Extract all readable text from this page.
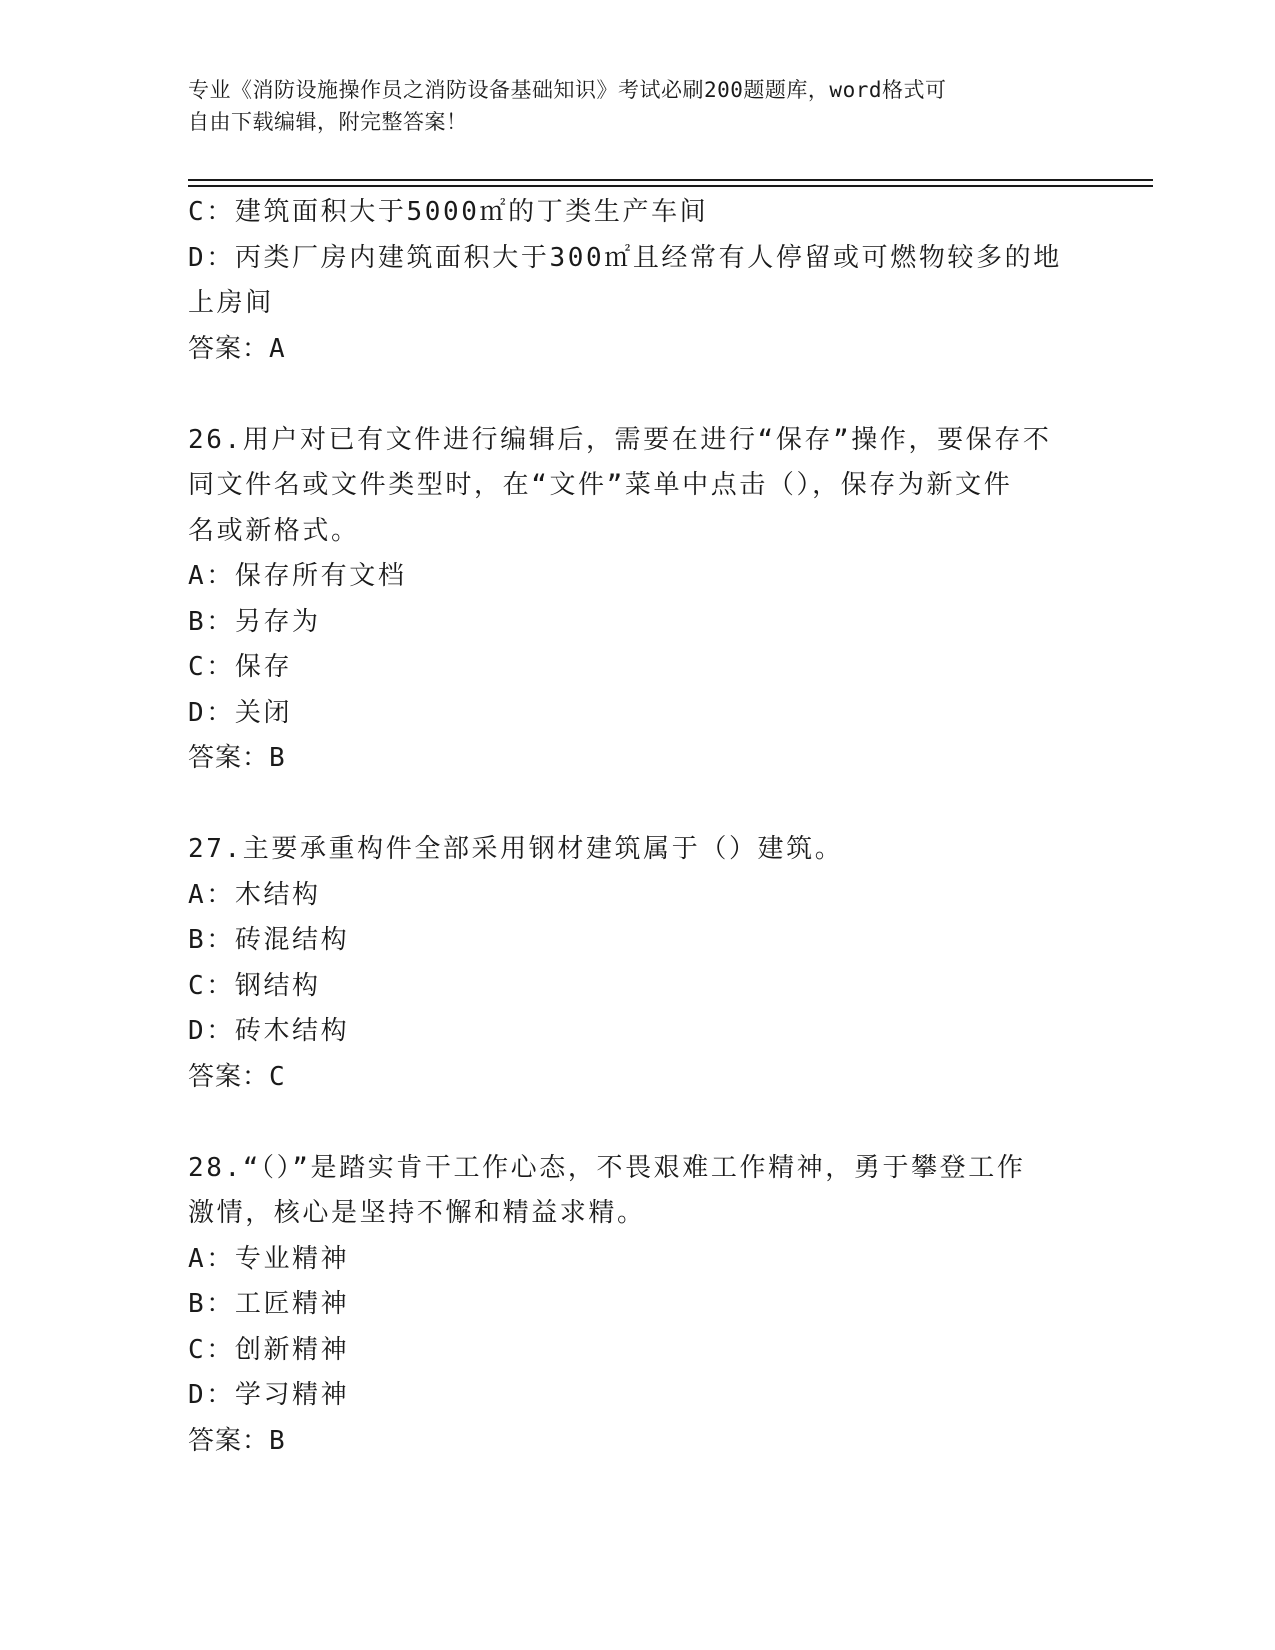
专业《消防设施操作员之消防设备基础知识》考试必刷200题题库，word格式可
自由下载编辑，附完整答案！
C：建筑面积大于5000㎡的丁类生产车间
D：丙类厂房内建筑面积大于300㎡且经常有人停留或可燃物较多的地
上房间
答案：A
26.用户对已有文件进行编辑后，需要在进行“保存”操作，要保存不
同文件名或文件类型时，在“文件”菜单中点击（），保存为新文件
名或新格式。
A：保存所有文档
B：另存为
C：保存
D：关闭
答案：B
27.主要承重构件全部采用钢材建筑属于（）建筑。
A：木结构
B：砖混结构
C：钢结构
D：砖木结构
答案：C
28.“（）”是踏实肯干工作心态，不畏艰难工作精神，勇于攀登工作
激情，核心是坚持不懈和精益求精。
A：专业精神
B：工匠精神
C：创新精神
D：学习精神
答案：B
